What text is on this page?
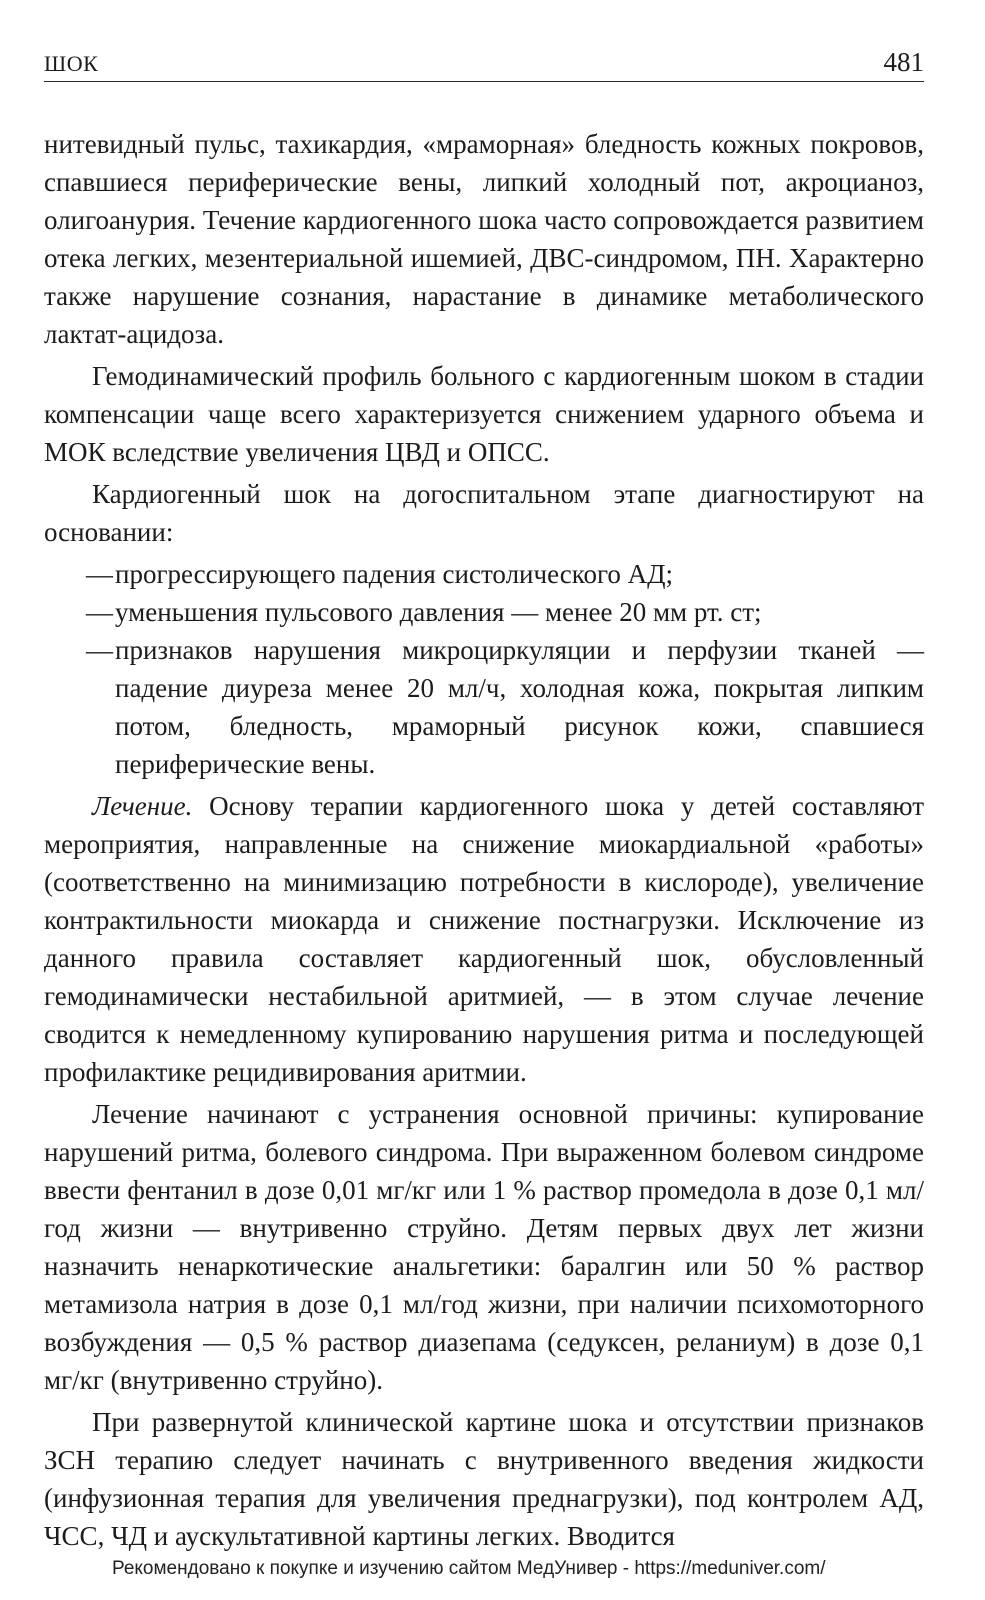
ШОК	481

нитевидный пульс, тахикардия, «мраморная» бледность кожных покровов, спавшиеся периферические вены, липкий холодный пот, акроцианоз, олигоанурия. Течение кардиогенного шока часто сопровождается развитием отека легких, мезентериальной ишемией, ДВС-синдромом, ПН. Характерно также нарушение сознания, нарастание в динамике метаболического лактат-ацидоза.

Гемодинамический профиль больного с кардиогенным шоком в стадии компенсации чаще всего характеризуется снижением ударного объема и МОК вследствие увеличения ЦВД и ОПСС.

Кардиогенный шок на догоспитальном этапе диагностируют на основании:

— прогрессирующего падения систолического АД;
— уменьшения пульсового давления — менее 20 мм рт. ст;
— признаков нарушения микроциркуляции и перфузии тканей — падение диуреза менее 20 мл/ч, холодная кожа, покрытая липким потом, бледность, мраморный рисунок кожи, спавшиеся периферические вены.

Лечение. Основу терапии кардиогенного шока у детей составляют мероприятия, направленные на снижение миокардиальной «работы» (соответственно на минимизацию потребности в кислороде), увеличение контрактильности миокарда и снижение постнагрузки. Исключение из данного правила составляет кардиогенный шок, обусловленный гемодинамически нестабильной аритмией, — в этом случае лечение сводится к немедленному купированию нарушения ритма и последующей профилактике рецидивирования аритмии.

Лечение начинают с устранения основной причины: купирование нарушений ритма, болевого синдрома. При выраженном болевом синдроме ввести фентанил в дозе 0,01 мг/кг или 1 % раствор промедола в дозе 0,1 мл/год жизни — внутривенно струйно. Детям первых двух лет жизни назначить ненаркотические анальгетики: баралгин или 50 % раствор метамизола натрия в дозе 0,1 мл/год жизни, при наличии психомоторного возбуждения — 0,5 % раствор диазепама (седуксен, реланиум) в дозе 0,1 мг/кг (внутривенно струйно).

При развернутой клинической картине шока и отсутствии признаков ЗСН терапию следует начинать с внутривенного введения жидкости (инфузионная терапия для увеличения преднагрузки), под контролем АД, ЧСС, ЧД и аускультативной картины легких. Вводится

Рекомендовано к покупке и изучению сайтом МедУнивер - https://meduniver.com/
